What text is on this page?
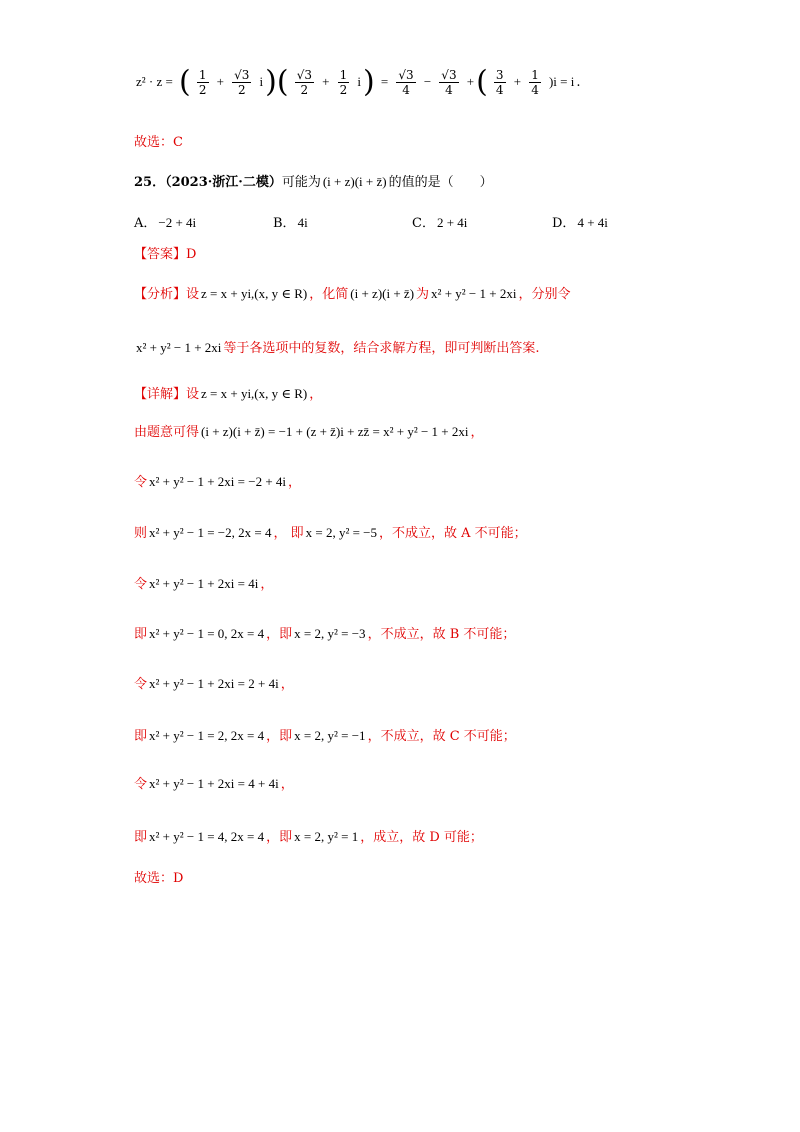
z² · z = ( $\frac{1}{2} + \frac{√3}{2} i)( \frac{√3}{2} + \frac{1}{2} i) = \frac{√3}{4} - \frac{√3}{4}$ +( $\frac{3}{4} + \frac{1}{4} )i = i$ .
故选：C
25．（2023·浙江·二模）可能为 (i + z)(i + z̄) 的值的是（　　）
A． −2 + 4i	B． 4i	C． 2 + 4i	D． 4 + 4i
【答案】D
【分析】设 z = x + yi,(x, y ∈ R) ，化简 (i + z)(i + z̄) 为 x² + y² − 1 + 2xi ，分别令
x² + y² − 1 + 2xi 等于各选项中的复数，结合求解方程，即可判断出答案.
【详解】设 z = x + yi,(x, y ∈ R) ，
由题意可得 (i + z)(i + z̄) = −1 + (z + z̄)i + zz̄ = x² + y² − 1 + 2xi ，
令 x² + y² − 1 + 2xi = −2 + 4i ，
则 x² + y² − 1 = −2, 2x = 4 ， 即 x = 2, y² = −5 ，不成立，故 A 不可能；
令 x² + y² − 1 + 2xi = 4i ，
即 x² + y² − 1 = 0, 2x = 4 ，即 x = 2, y² = −3 ，不成立，故 B 不可能；
令 x² + y² − 1 + 2xi = 2 + 4i ，
即 x² + y² − 1 = 2, 2x = 4 ，即 x = 2, y² = −1 ，不成立，故 C 不可能；
令 x² + y² − 1 + 2xi = 4 + 4i ，
即 x² + y² − 1 = 4, 2x = 4 ，即 x = 2, y² = 1 ，成立，故 D 可能；
故选：D
